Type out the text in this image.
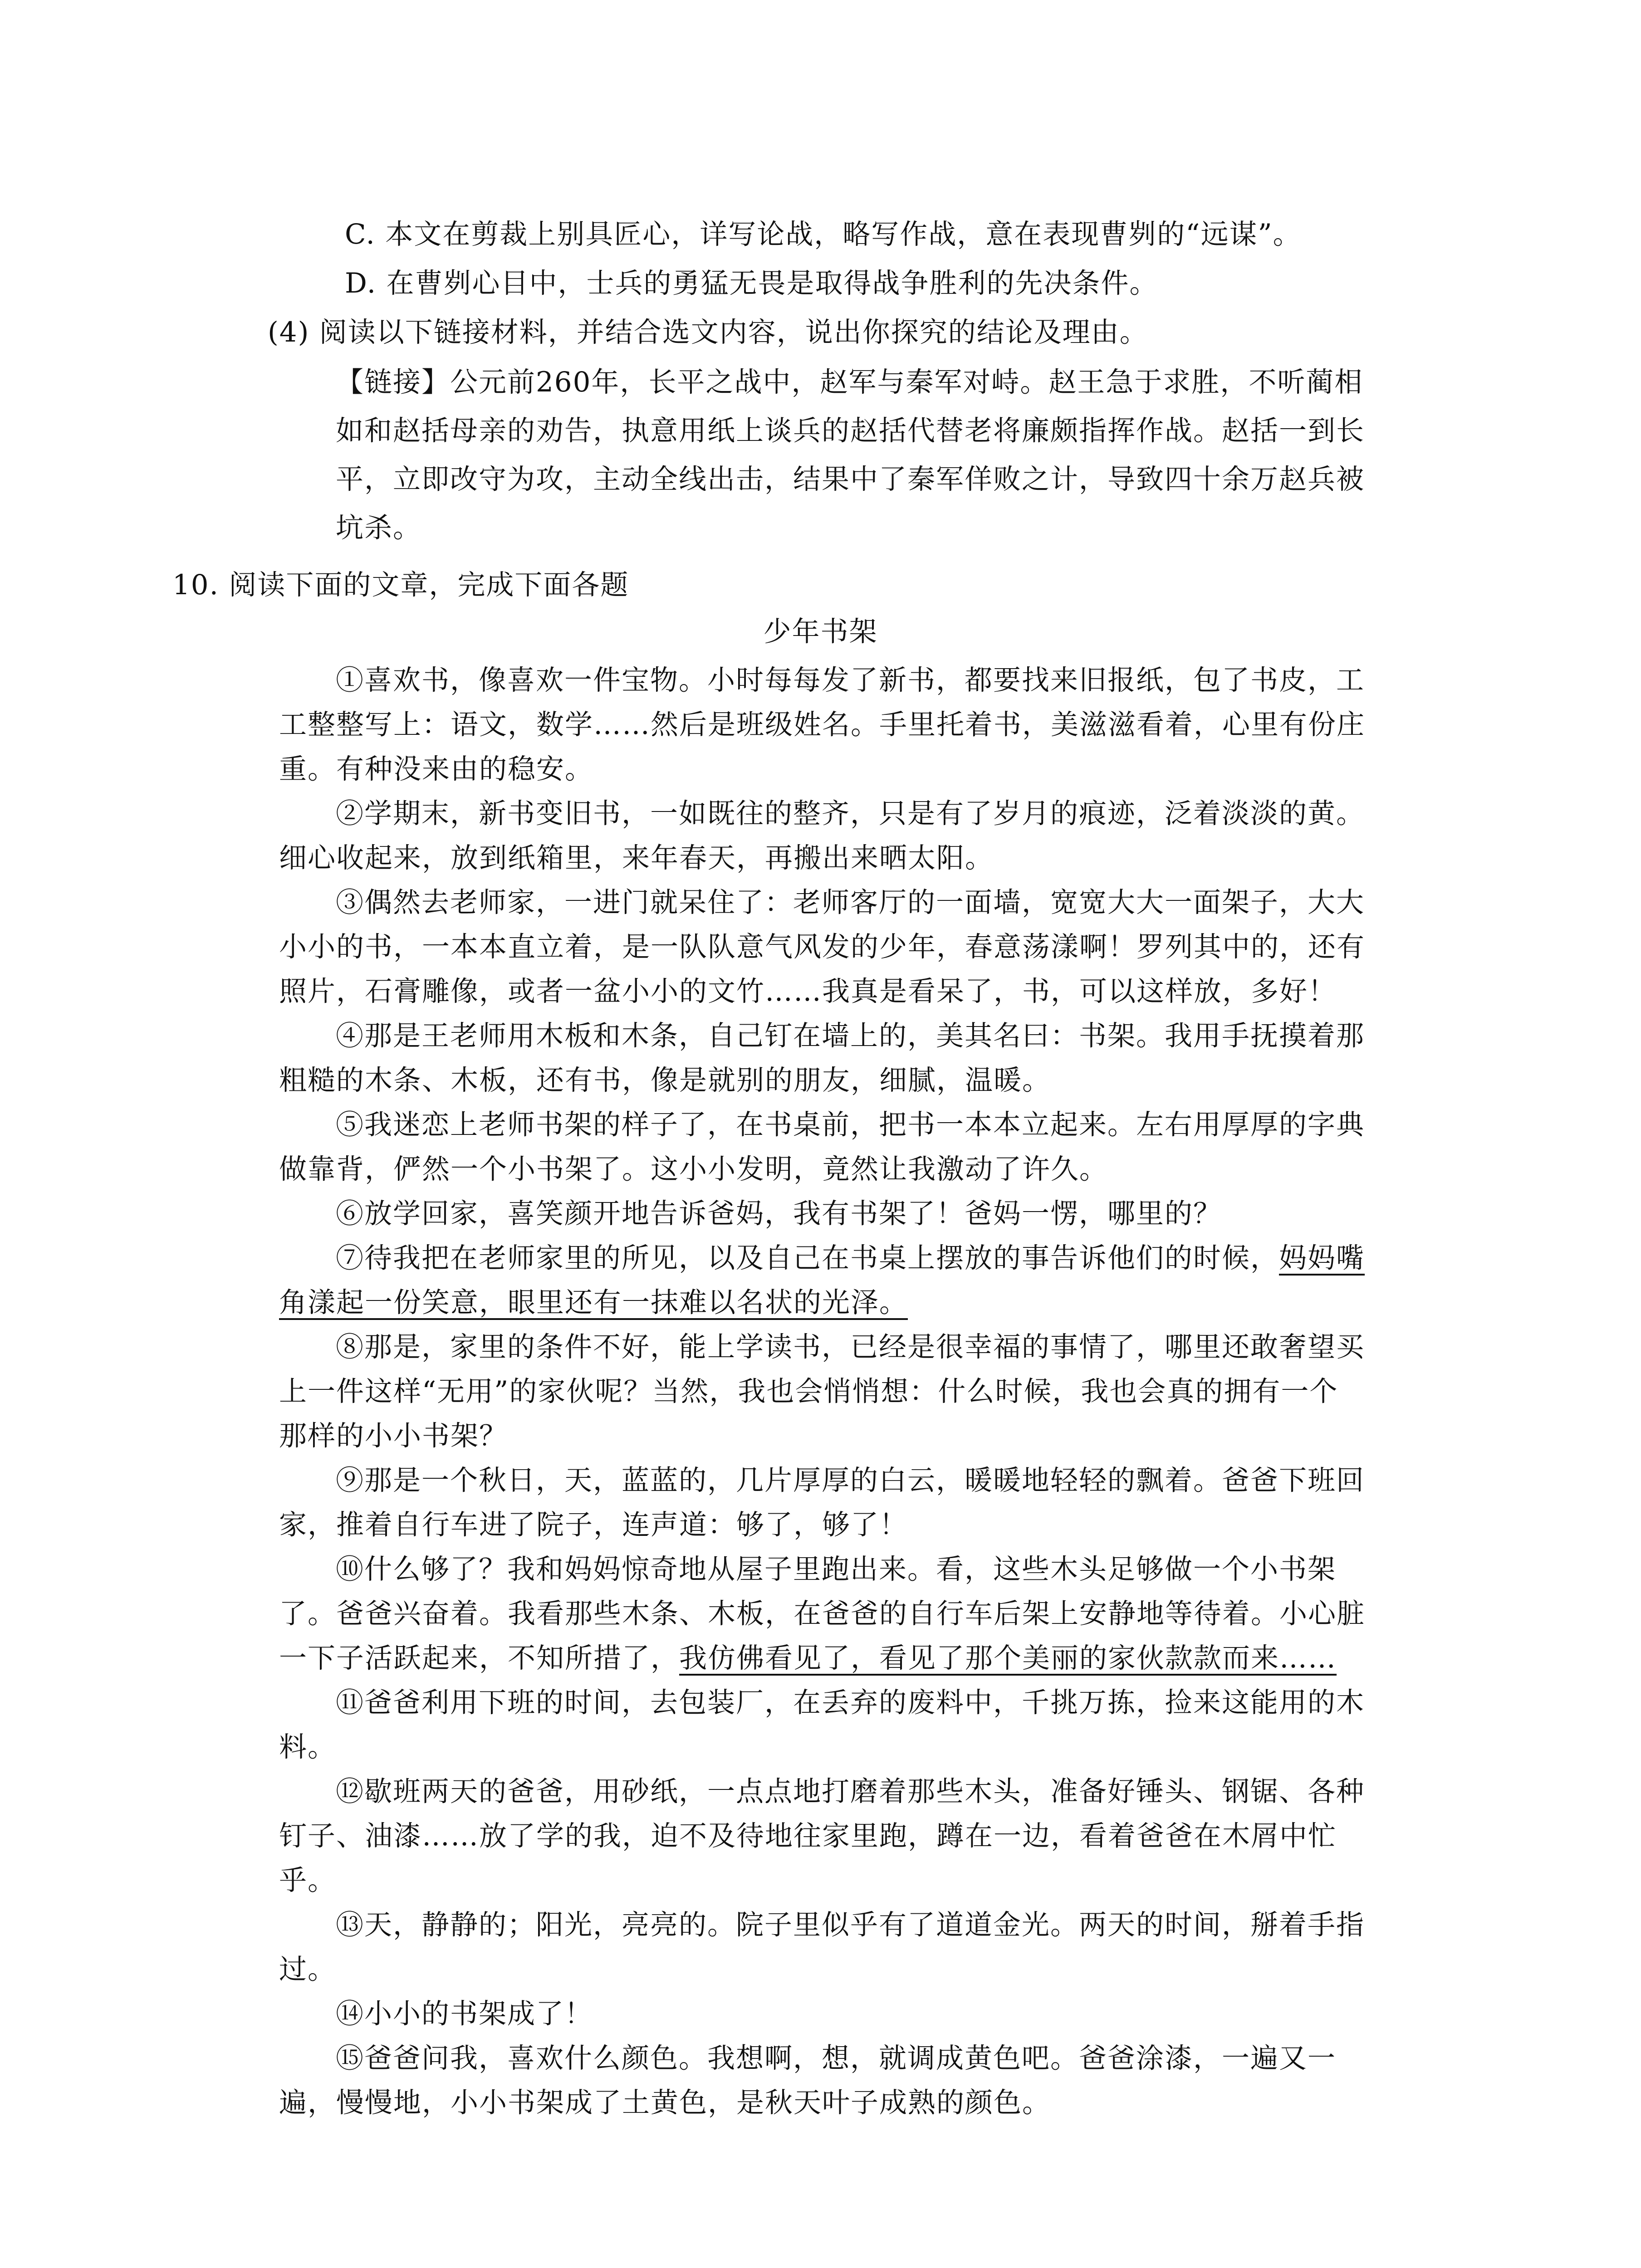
C. 本文在剪裁上别具匠心，详写论战，略写作战，意在表现曹刿的“远谋”。
D. 在曹刿心目中，士兵的勇猛无畏是取得战争胜利的先决条件。
(4) 阅读以下链接材料，并结合选文内容，说出你探究的结论及理由。
【链接】公元前260年，长平之战中，赵军与秦军对峙。赵王急于求胜，不听蔺相
如和赵括母亲的劝告，执意用纸上谈兵的赵括代替老将廉颇指挥作战。赵括一到长
平，立即改守为攻，主动全线出击，结果中了秦军佯败之计，导致四十余万赵兵被
坑杀。
10. 阅读下面的文章，完成下面各题
少年书架
①喜欢书，像喜欢一件宝物。小时每每发了新书，都要找来旧报纸，包了书皮，工
工整整写上：语文，数学……然后是班级姓名。手里托着书，美滋滋看着，心里有份庄
重。有种没来由的稳安。
②学期末，新书变旧书，一如既往的整齐，只是有了岁月的痕迹，泛着淡淡的黄。
细心收起来，放到纸箱里，来年春天，再搬出来晒太阳。
③偶然去老师家，一进门就呆住了：老师客厅的一面墙，宽宽大大一面架子，大大
小小的书，一本本直立着，是一队队意气风发的少年，春意荡漾啊！罗列其中的，还有
照片，石膏雕像，或者一盆小小的文竹……我真是看呆了，书，可以这样放，多好！
④那是王老师用木板和木条，自己钉在墙上的，美其名曰：书架。我用手抚摸着那
粗糙的木条、木板，还有书，像是就别的朋友，细腻，温暖。
⑤我迷恋上老师书架的样子了，在书桌前，把书一本本立起来。左右用厚厚的字典
做靠背，俨然一个小书架了。这小小发明，竟然让我激动了许久。
⑥放学回家，喜笑颜开地告诉爸妈，我有书架了！爸妈一愣，哪里的？
⑦待我把在老师家里的所见，以及自己在书桌上摆放的事告诉他们的时候，妈妈嘴
角漾起一份笑意，眼里还有一抹难以名状的光泽。
⑧那是，家里的条件不好，能上学读书，已经是很幸福的事情了，哪里还敢奢望买
上一件这样“无用”的家伙呢？当然，我也会悄悄想：什么时候，我也会真的拥有一个
那样的小小书架？
⑨那是一个秋日，天，蓝蓝的，几片厚厚的白云，暖暖地轻轻的飘着。爸爸下班回
家，推着自行车进了院子，连声道：够了，够了！
⑩什么够了？我和妈妈惊奇地从屋子里跑出来。看，这些木头足够做一个小书架
了。爸爸兴奋着。我看那些木条、木板，在爸爸的自行车后架上安静地等待着。小心脏
一下子活跃起来，不知所措了，我仿佛看见了，看见了那个美丽的家伙款款而来……
⑪爸爸利用下班的时间，去包装厂，在丢弃的废料中，千挑万拣，捡来这能用的木
料。
⑫歇班两天的爸爸，用砂纸，一点点地打磨着那些木头，准备好锤头、钢锯、各种
钉子、油漆……放了学的我，迫不及待地往家里跑，蹲在一边，看着爸爸在木屑中忙
乎。
⑬天，静静的；阳光，亮亮的。院子里似乎有了道道金光。两天的时间，掰着手指
过。
⑭小小的书架成了！
⑮爸爸问我，喜欢什么颜色。我想啊，想，就调成黄色吧。爸爸涂漆，一遍又一
遍，慢慢地，小小书架成了土黄色，是秋天叶子成熟的颜色。
